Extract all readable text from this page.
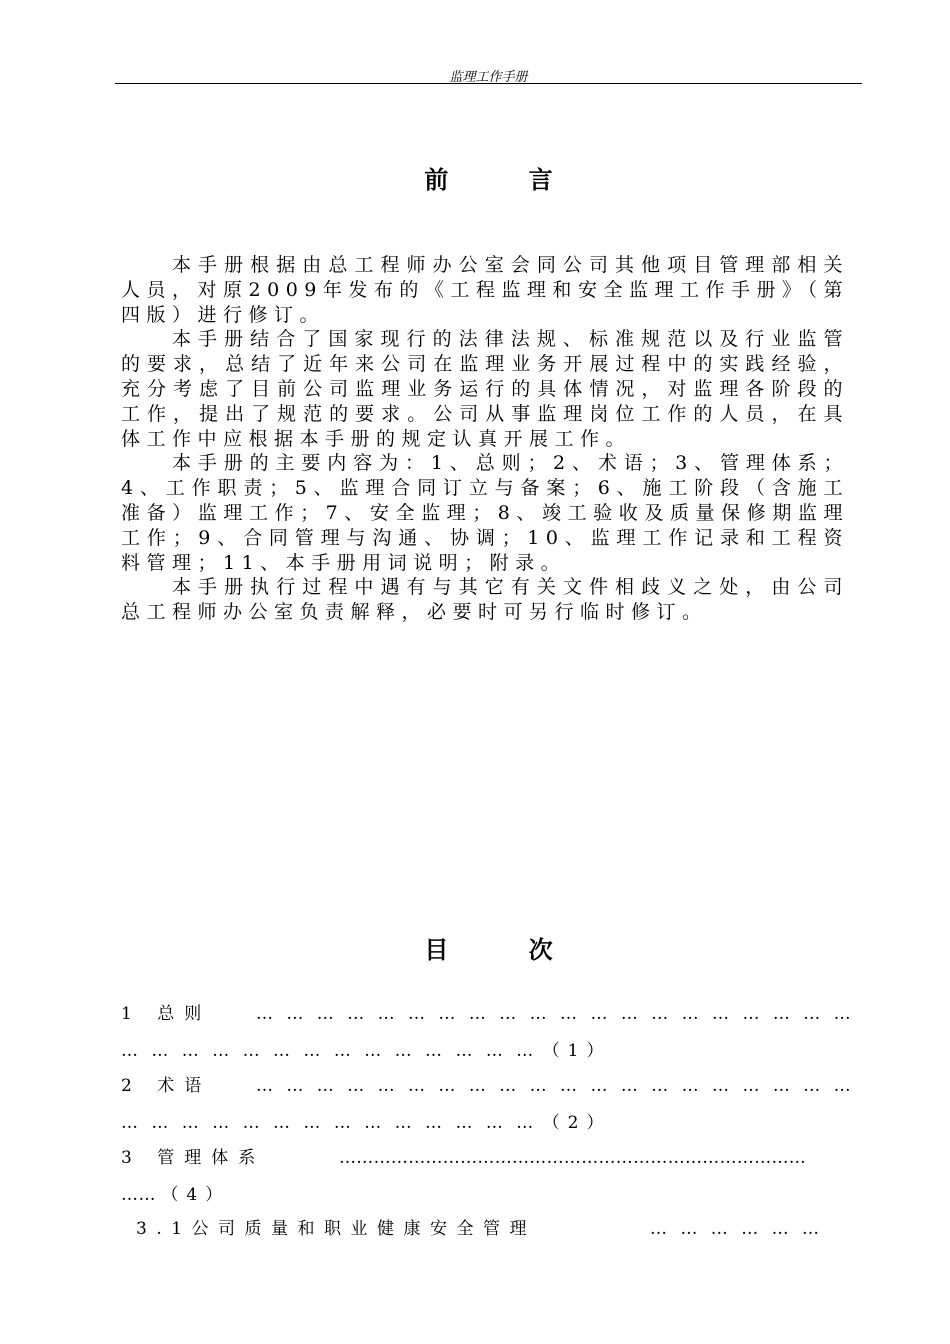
监理工作手册
前 言

本手册根据由总工程师办公室会同公司其他项目管理部相关人员，对原2009年发布的《工程监理和安全监理工作手册》（第四版）进行修订。

本手册结合了国家现行的法律法规、标准规范以及行业监管的要求，总结了近年来公司在监理业务开展过程中的实践经验，充分考虑了目前公司监理业务运行的具体情况，对监理各阶段的工作，提出了规范的要求。公司从事监理岗位工作的人员，在具体工作中应根据本手册的规定认真开展工作。

本手册的主要内容为：1、总则；2、术语；3、管理体系；4、工作职责；5、监理合同订立与备案；6、施工阶段（含施工准备）监理工作；7、安全监理；8、竣工验收及质量保修期监理工作；9、合同管理与沟通、协调；10、监理工作记录和工程资料管理；11、本手册用词说明；附录。

本手册执行过程中遇有与其它有关文件相歧义之处，由公司总工程师办公室负责解释，必要时可另行临时修订。

目 次
1 总则	… … … … … … … … … … … … … … … … … … … …
… … … … … … … … … … … … … … （1）
2 术语	… … … … … … … … … … … … … … … … … … … …
… … … … … … … … … … … … … … （2）
3 管理体系	………………………………………………………………………
…… （4）
3.1公司质量和职业健康安全管理	… … … … … …
